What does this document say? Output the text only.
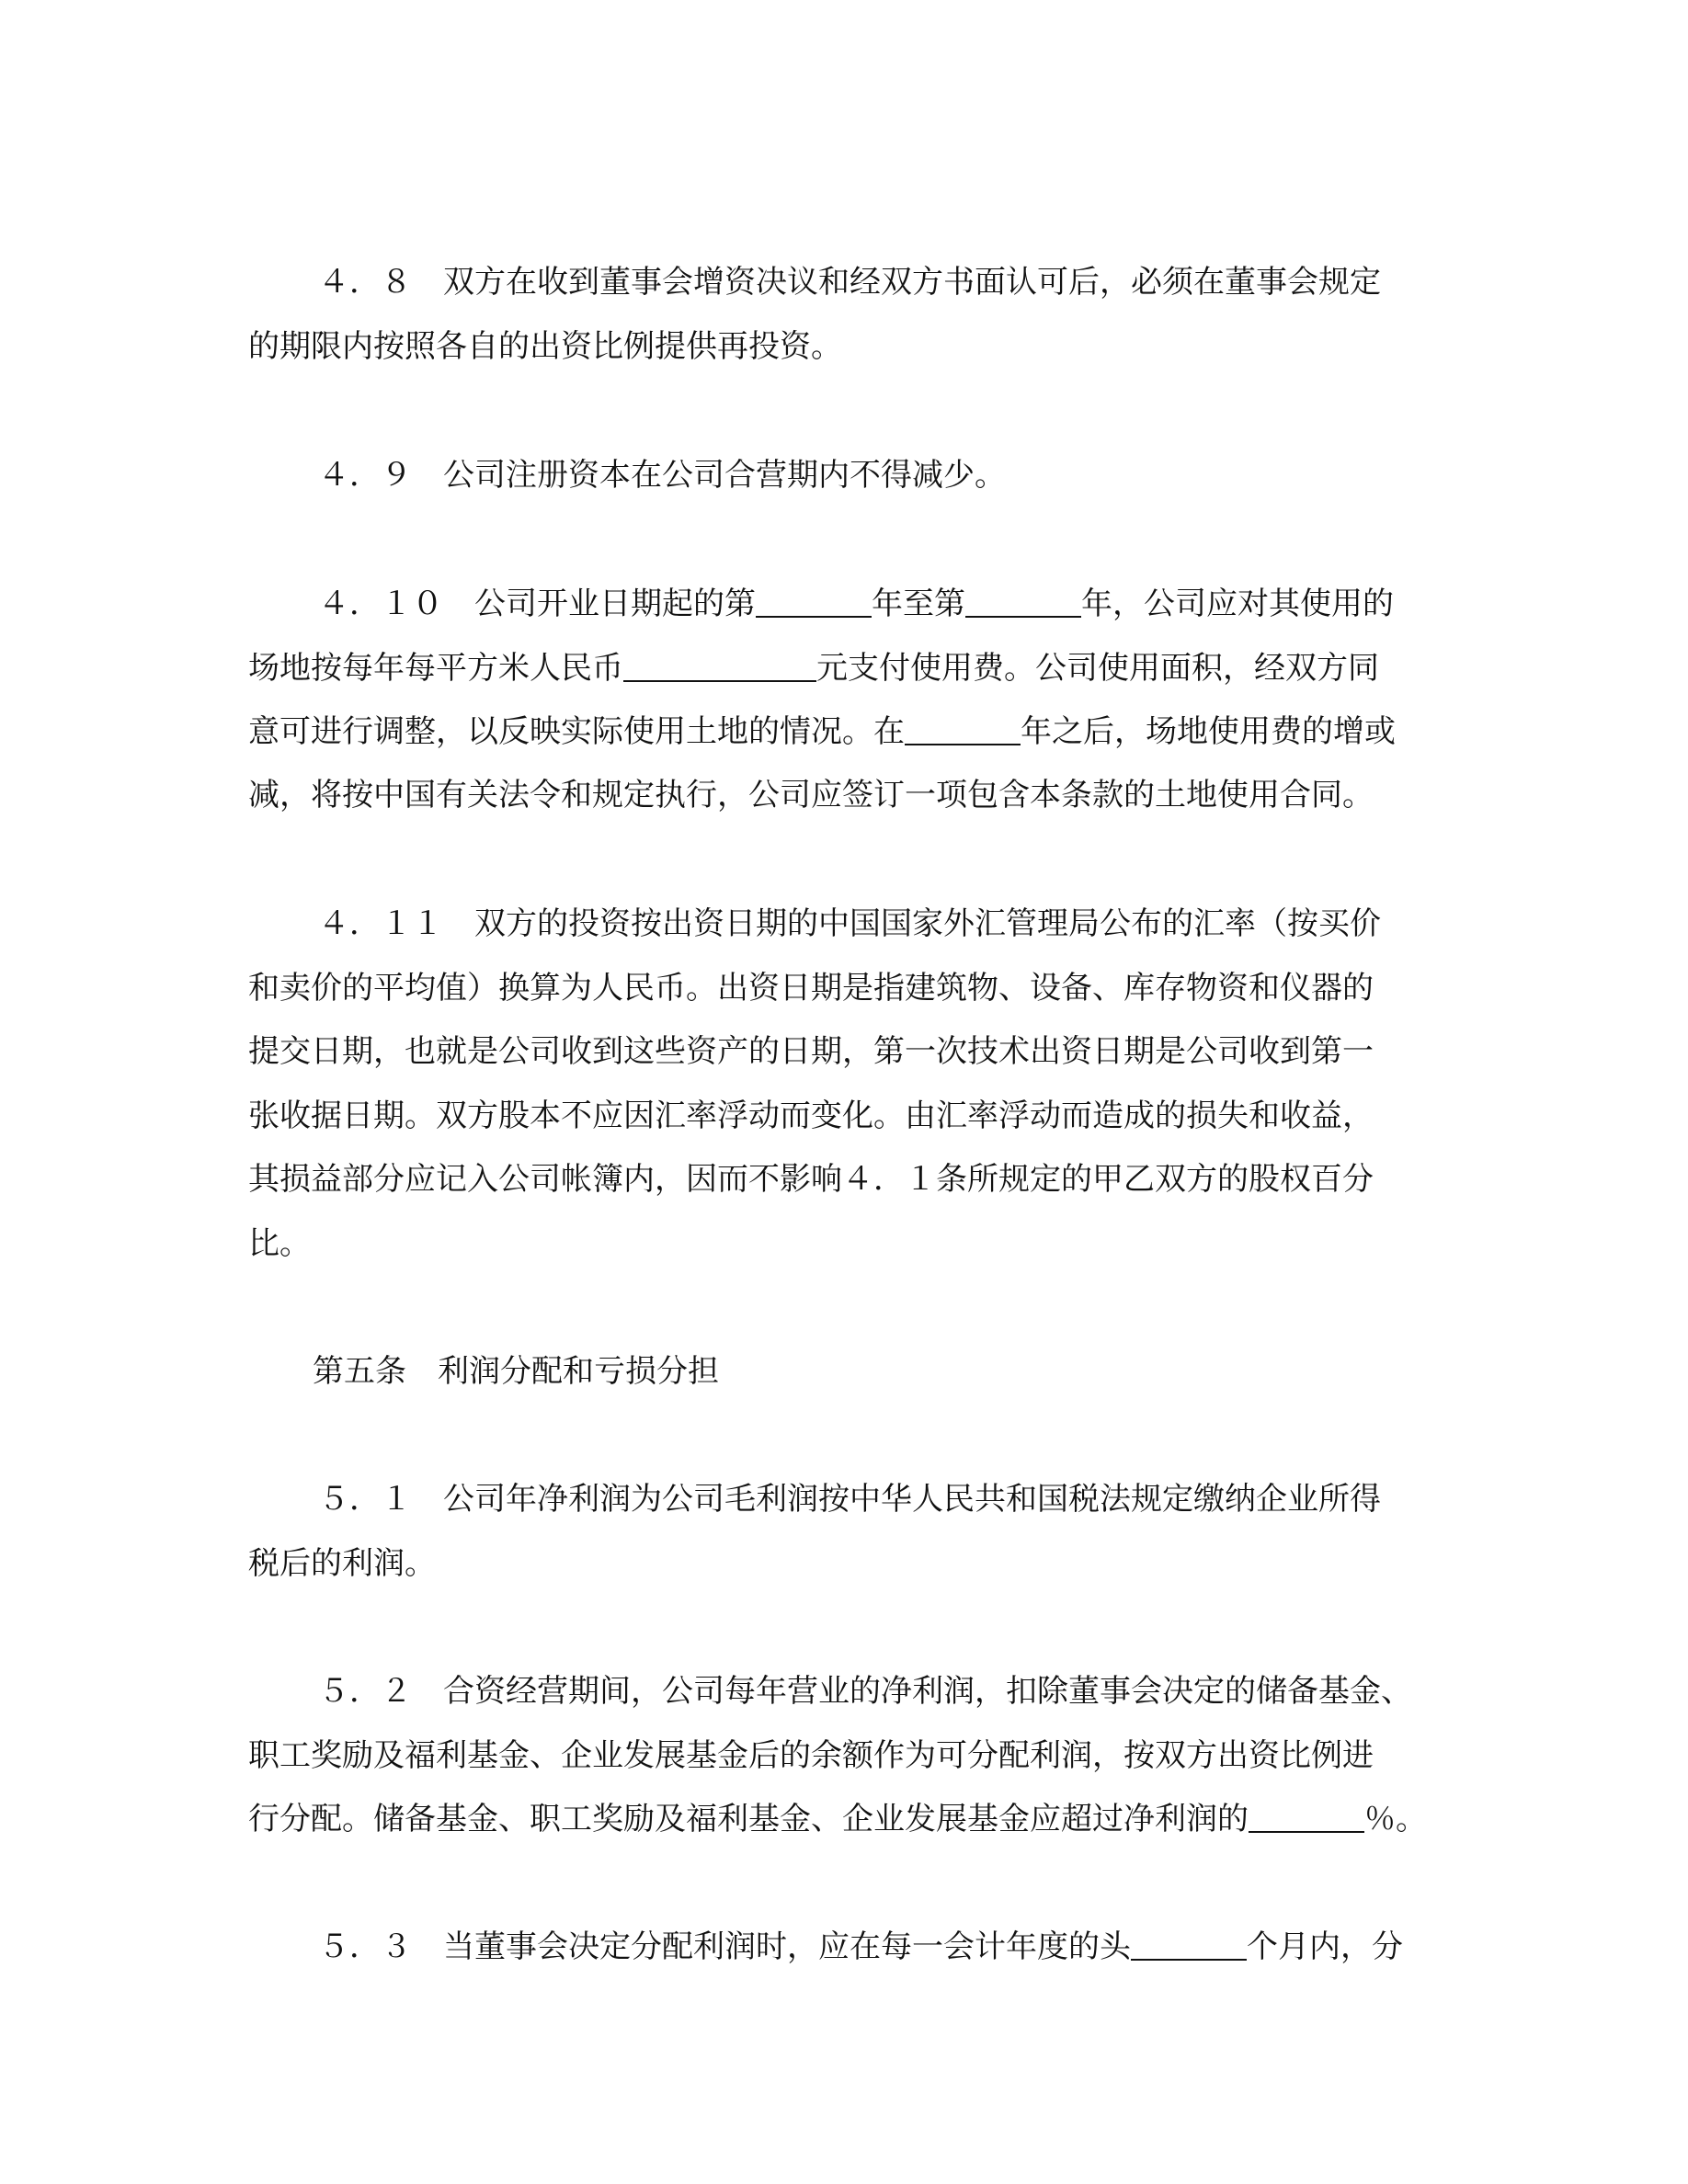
４．８　双方在收到董事会增资决议和经双方书面认可后，必须在董事会规定

的期限内按照各自的出资比例提供再投资。

４．９　公司注册资本在公司合营期内不得减少。

４．１０　公司开业日期起的第	年至第	年，公司应对其使用的

场地按每年每平方米人民币	元支付使用费。公司使用面积，经双方同

意可进行调整，以反映实际使用土地的情况。在	年之后，场地使用费的增或

减，将按中国有关法令和规定执行，公司应签订一项包含本条款的土地使用合同。

４．１１　双方的投资按出资日期的中国国家外汇管理局公布的汇率（按买价

和卖价的平均值）换算为人民币。出资日期是指建筑物、设备、库存物资和仪器的

提交日期，也就是公司收到这些资产的日期，第一次技术出资日期是公司收到第一

张收据日期。双方股本不应因汇率浮动而变化。由汇率浮动而造成的损失和收益，

其损益部分应记入公司帐簿内，因而不影响４．１条所规定的甲乙双方的股权百分

比。

第五条　利润分配和亏损分担

５．１　公司年净利润为公司毛利润按中华人民共和国税法规定缴纳企业所得

税后的利润。

５．２　合资经营期间，公司每年营业的净利润，扣除董事会决定的储备基金、

职工奖励及福利基金、企业发展基金后的余额作为可分配利润，按双方出资比例进

行分配。储备基金、职工奖励及福利基金、企业发展基金应超过净利润的	％。

５．３　当董事会决定分配利润时，应在每一会计年度的头	个月内，分
